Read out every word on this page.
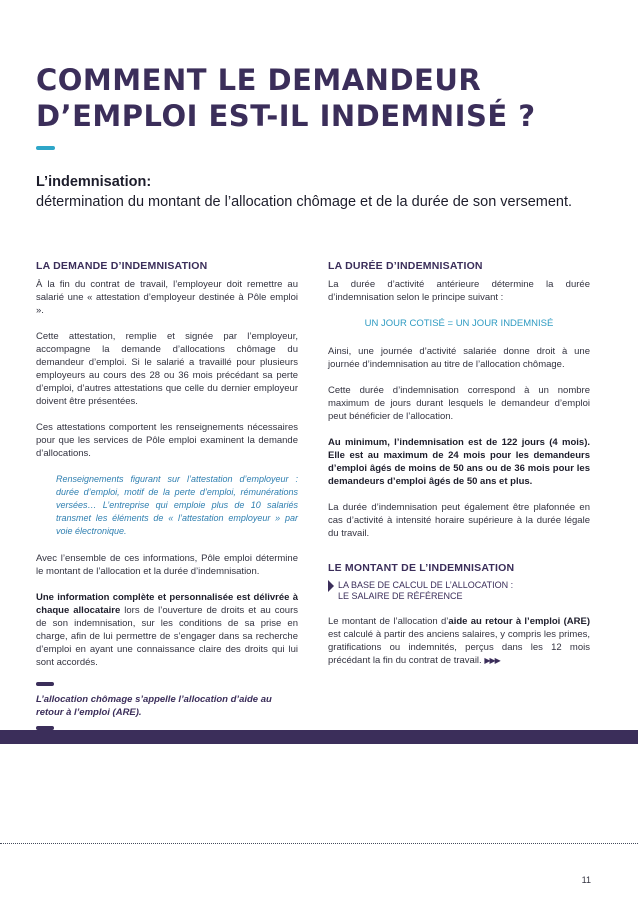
COMMENT LE DEMANDEUR D’EMPLOI EST-IL INDEMNISÉ ?
L’indemnisation:
détermination du montant de l’allocation chômage et de la durée de son versement.
LA DEMANDE D’INDEMNISATION

À la fin du contrat de travail, l’employeur doit remettre au salarié une « attestation d’employeur destinée à Pôle emploi ».

Cette attestation, remplie et signée par l’employeur, accompagne la demande d’allocations chômage du demandeur d’emploi. Si le salarié a travaillé pour plusieurs employeurs au cours des 28 ou 36 mois précédant sa perte d’emploi, d’autres attestations que celle du dernier employeur doivent être présentées.

Ces attestations comportent les renseignements nécessaires pour que les services de Pôle emploi examinent la demande d’allocations.

Renseignements figurant sur l’attestation d’employeur : durée d’emploi, motif de la perte d’emploi, rémunérations versées… L’entreprise qui emploie plus de 10 salariés transmet les éléments de « l’attestation employeur » par voie électronique.

Avec l’ensemble de ces informations, Pôle emploi détermine le montant de l’allocation et la durée d’indemnisation.

Une information complète et personnalisée est délivrée à chaque allocataire lors de l’ouverture de droits et au cours de son indemnisation, sur les conditions de sa prise en charge, afin de lui permettre de s’engager dans sa recherche d’emploi en ayant une connaissance claire des droits qui lui sont accordés.

L’allocation chômage s’appelle l’allocation d’aide au retour à l’emploi (ARE).
LA DURÉE D’INDEMNISATION

La durée d’activité antérieure détermine la durée d’indemnisation selon le principe suivant :

UN JOUR COTISÉ = UN JOUR INDEMNISÉ

Ainsi, une journée d’activité salariée donne droit à une journée d’indemnisation au titre de l’allocation chômage.

Cette durée d’indemnisation correspond à un nombre maximum de jours durant lesquels le demandeur d’emploi peut bénéficier de l’allocation.

Au minimum, l’indemnisation est de 122 jours (4 mois). Elle est au maximum de 24 mois pour les demandeurs d’emploi âgés de moins de 50 ans ou de 36 mois pour les demandeurs d’emploi âgés de 50 ans et plus.

La durée d’indemnisation peut également être plafonnée en cas d’activité à intensité horaire supérieure à la durée légale du travail.

LE MONTANT DE L’INDEMNISATION
LA BASE DE CALCUL DE L’ALLOCATION :
LE SALAIRE DE RÉFÉRENCE

Le montant de l’allocation d’aide au retour à l’emploi (ARE) est calculé à partir des anciens salaires, y compris les primes, gratifications ou indemnités, perçus dans les 12 mois précédant la fin du contrat de travail. ▶▶▶

11
